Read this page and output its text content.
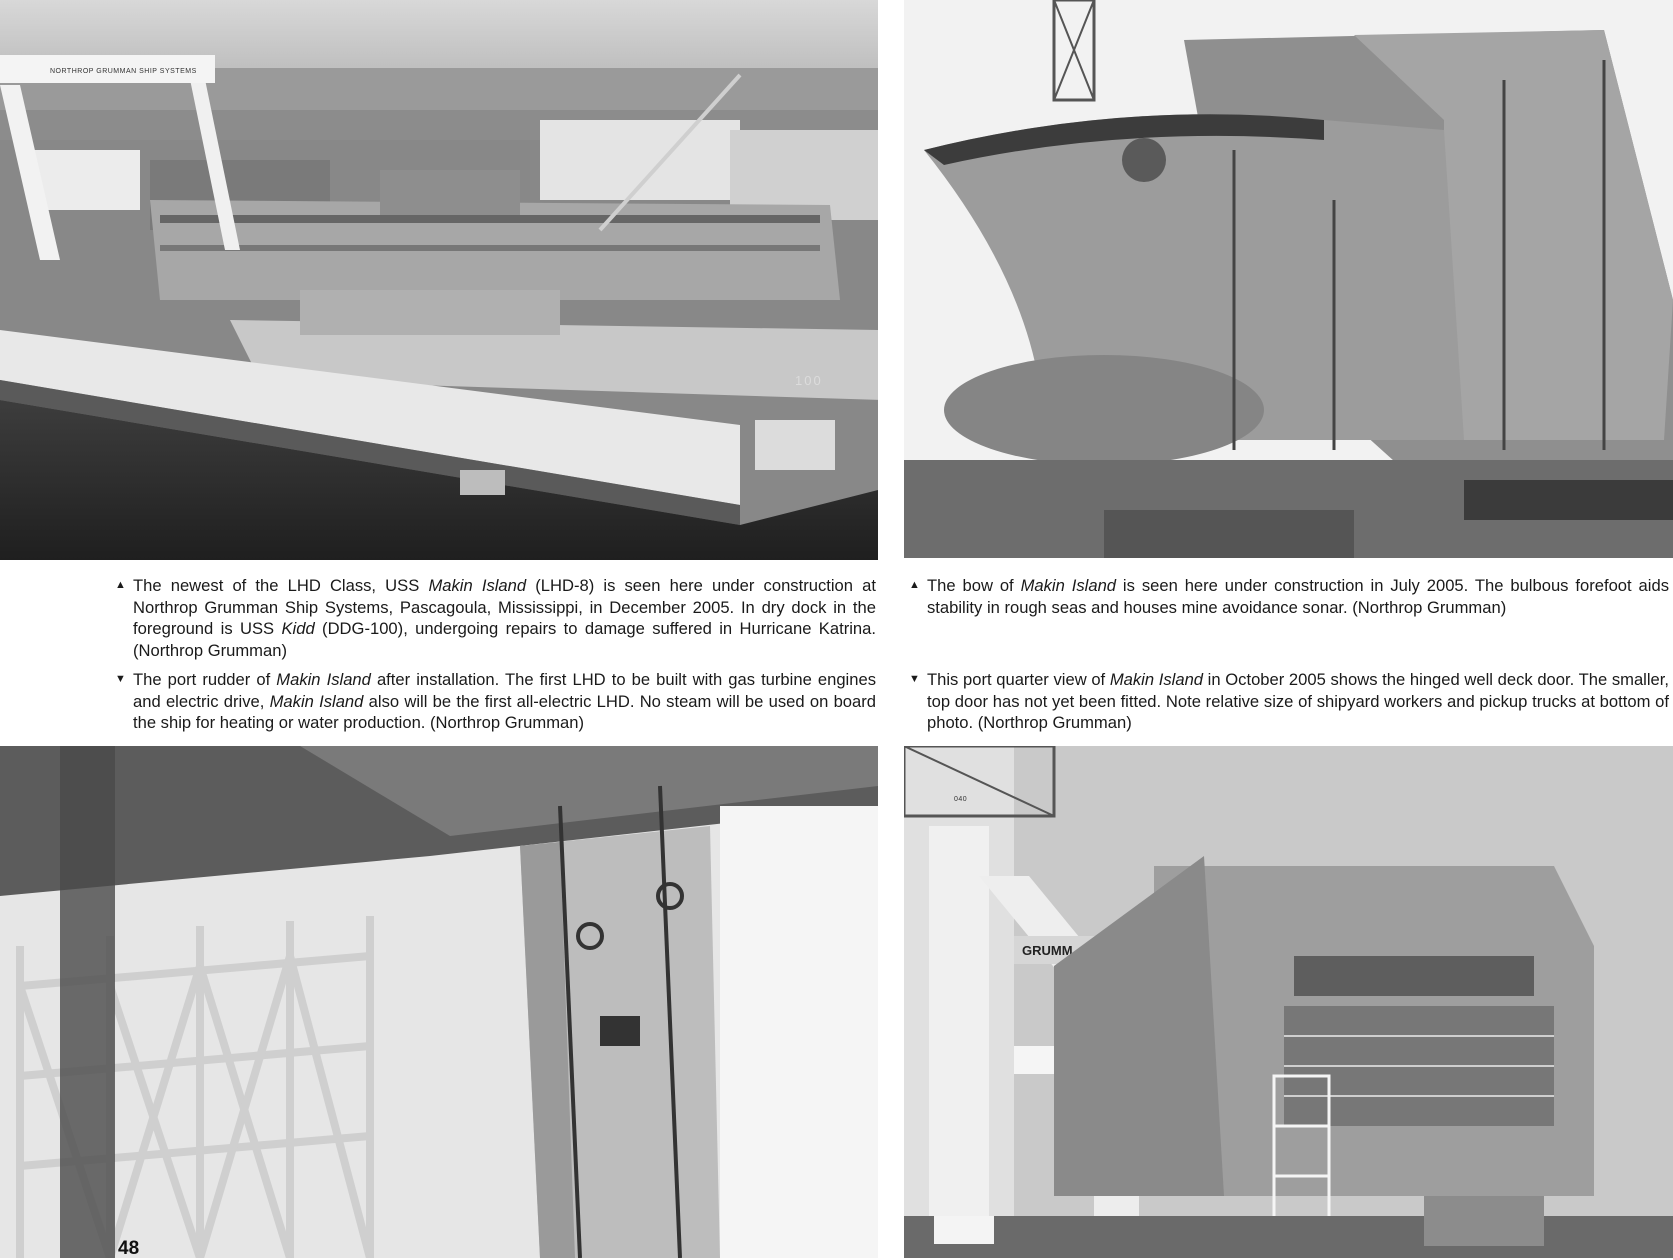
NORTHROP GRUMMAN SHIP SYSTEMS
100
▲ The newest of the LHD Class, USS Makin Island (LHD-8) is seen here under construction at Northrop Grumman Ship Systems, Pascagoula, Mississippi, in December 2005. In dry dock in the foreground is USS Kidd (DDG-100), undergoing repairs to damage suffered in Hurricane Katrina. (Northrop Grumman)
▼ The port rudder of Makin Island after installation. The first LHD to be built with gas turbine engines and electric drive, Makin Island also will be the first all-electric LHD. No steam will be used on board the ship for heating or water production. (Northrop Grumman)
▲ The bow of Makin Island is seen here under construction in July 2005. The bulbous forefoot aids stability in rough seas and houses mine avoidance sonar. (Northrop Grumman)
▼ This port quarter view of Makin Island in October 2005 shows the hinged well deck door. The smaller, top door has not yet been fitted. Note relative size of shipyard workers and pickup trucks at bottom of photo. (Northrop Grumman)
48
040
GRUMM
